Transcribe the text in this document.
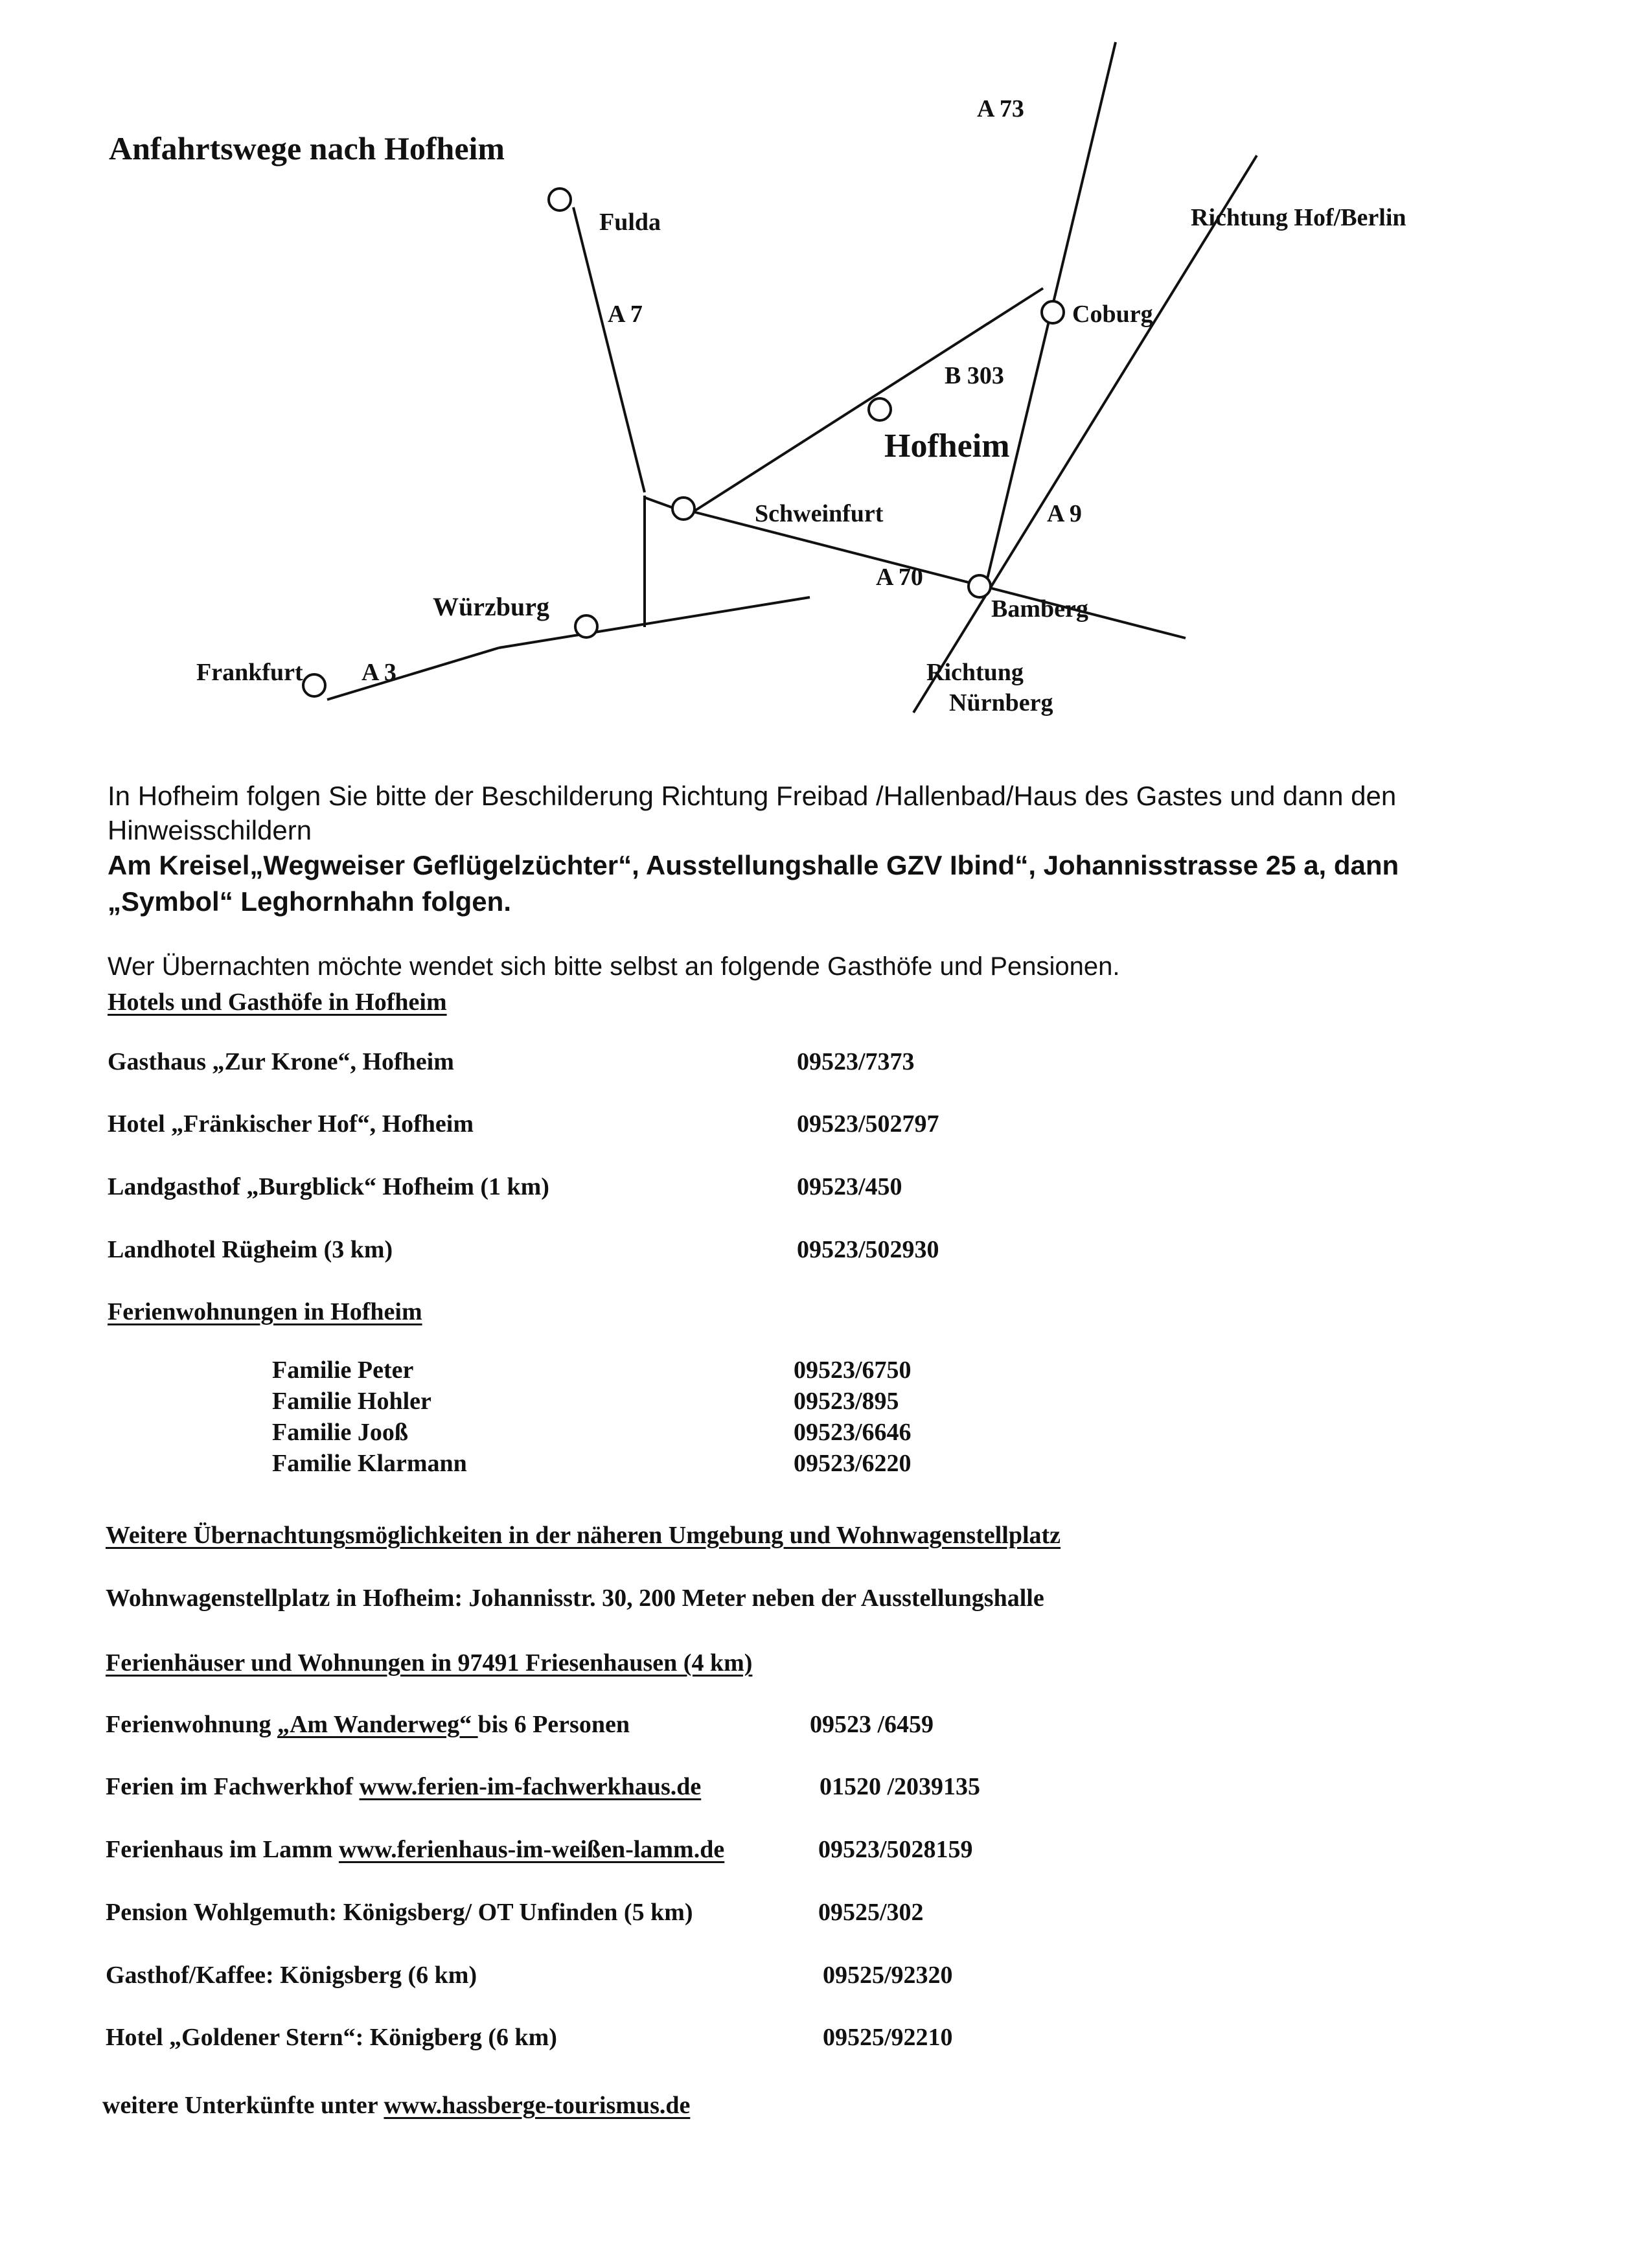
Anfahrtswege nach Hofheim
Fulda
A 7
A 73
Richtung Hof/Berlin
Coburg
B 303
Hofheim
Schweinfurt	A 9
A 70
Würzburg	Bamberg
Frankfurt A 3	Richtung
Nürnberg
In Hofheim folgen Sie bitte der Beschilderung Richtung Freibad /Hallenbad/Haus des Gastes und dann den
Hinweisschildern
Am Kreisel„Wegweiser Geflügelzüchter“, Ausstellungshalle GZV Ibind“, Johannisstrasse 25 a, dann
„Symbol“ Leghornhahn folgen.
Wer Übernachten möchte wendet sich bitte selbst an folgende Gasthöfe und Pensionen.
Hotels und Gasthöfe in Hofheim
Gasthaus „Zur Krone“, Hofheim	09523/7373
Hotel „Fränkischer Hof“, Hofheim	09523/502797
Landgasthof „Burgblick“ Hofheim (1 km)	09523/450
Landhotel Rügheim (3 km)	09523/502930
Ferienwohnungen in Hofheim
Familie Peter	09523/6750
Familie Hohler	09523/895
Familie Jooß	09523/6646
Familie Klarmann	09523/6220
Weitere Übernachtungsmöglichkeiten in der näheren Umgebung und Wohnwagenstellplatz
Wohnwagenstellplatz in Hofheim: Johannisstr. 30, 200 Meter neben der Ausstellungshalle
Ferienhäuser und Wohnungen in 97491 Friesenhausen (4 km)
Ferienwohnung „Am Wanderweg“ bis 6 Personen	09523 /6459
Ferien im Fachwerkhof www.ferien-im-fachwerkhaus.de	01520 /2039135
Ferienhaus im Lamm www.ferienhaus-im-weißen-lamm.de	09523/5028159
Pension Wohlgemuth: Königsberg/ OT Unfinden (5 km)	09525/302
Gasthof/Kaffee: Königsberg (6 km)	09525/92320
Hotel „Goldener Stern“: Königberg (6 km)	09525/92210
weitere Unterkünfte unter www.hassberge-tourismus.de
